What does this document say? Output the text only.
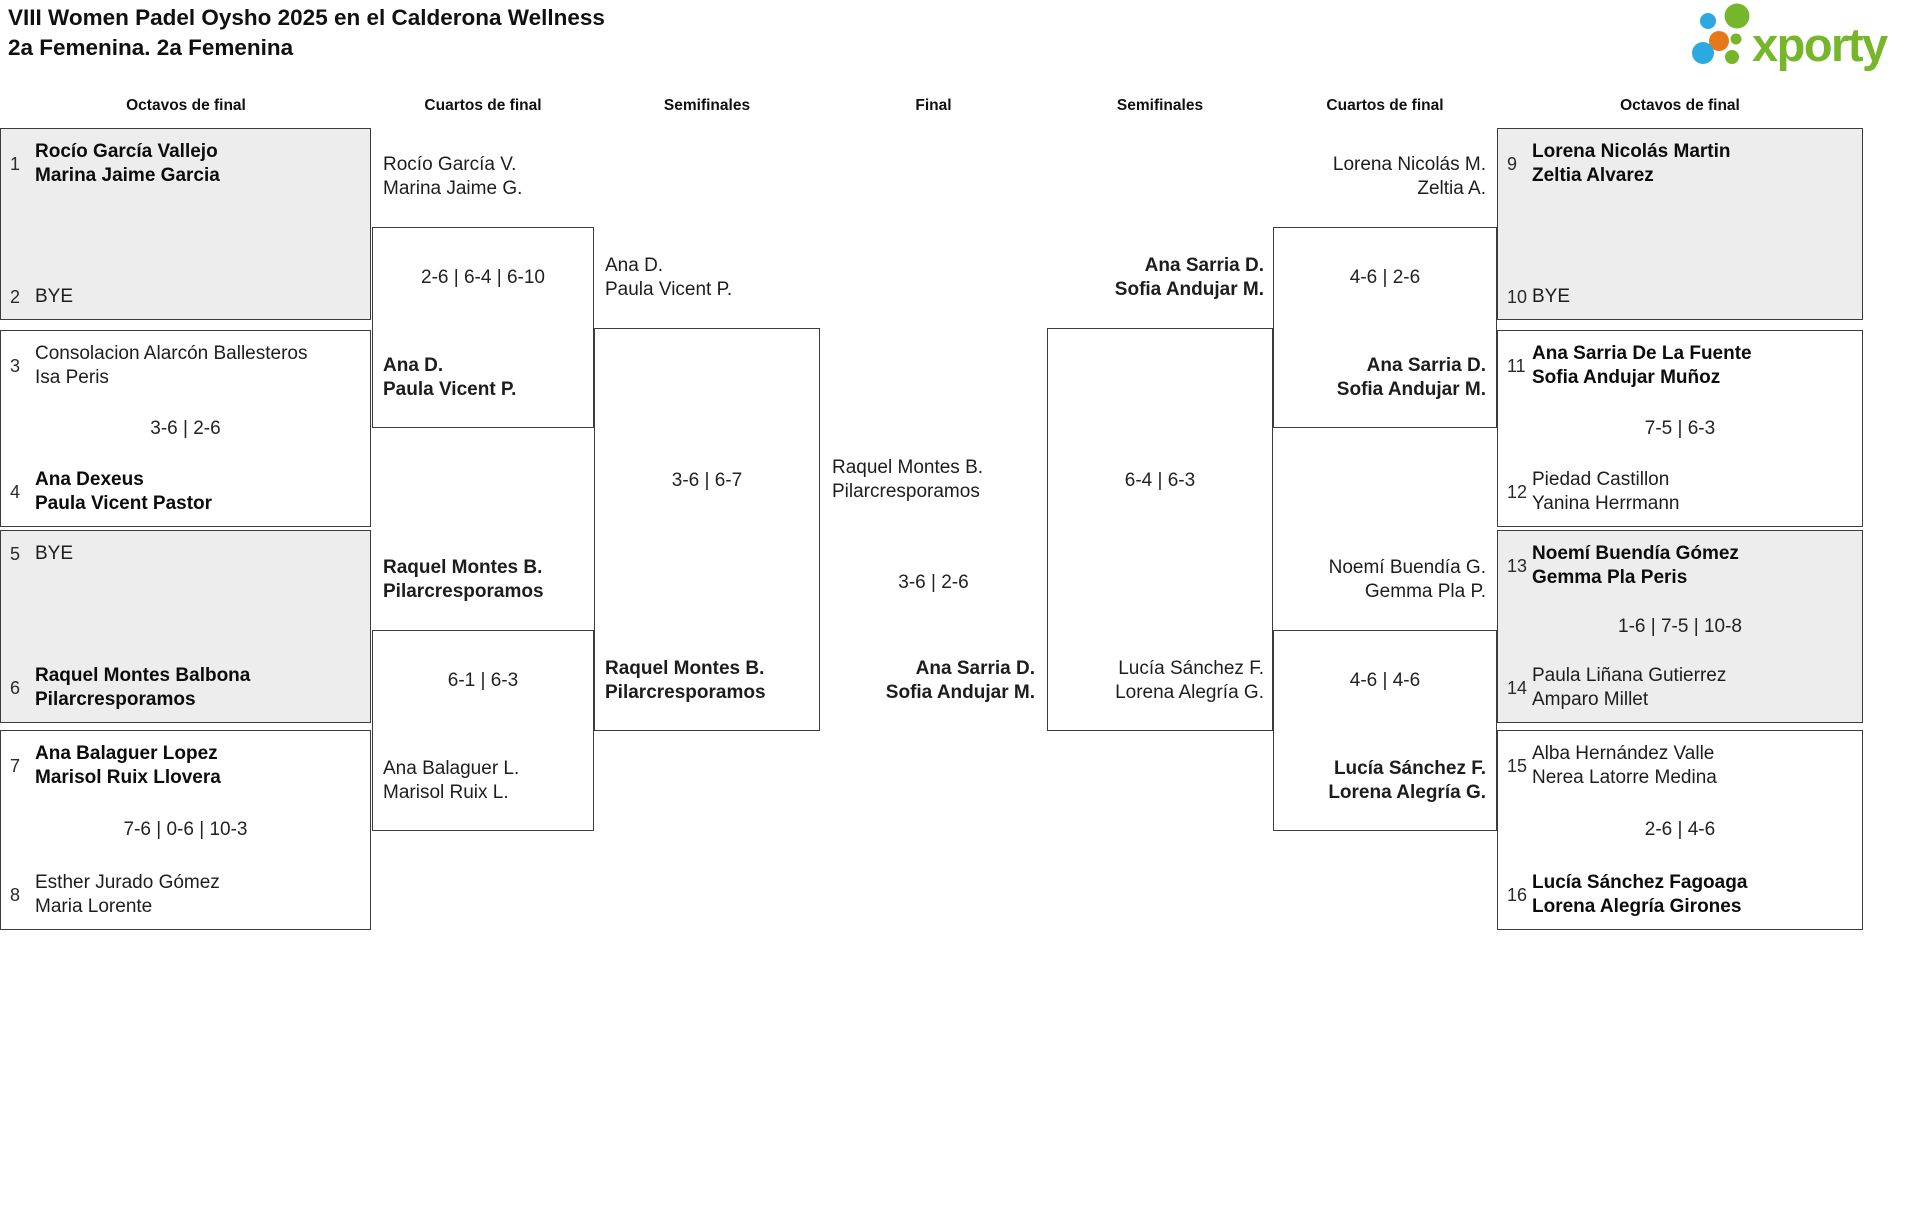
VIII Women Padel Oysho 2025 en el Calderona Wellness
2a Femenina. 2a Femenina	xporty
Octavos de final	Cuartos de final	Semifinales	Final	Semifinales	Cuartos de final	Octavos de final
1
Rocío García Vallejo
Marina Jaime Garcia
2 BYE
3
Consolacion Alarcón Ballesteros
Isa Peris
3-6 | 2-6
4
Ana Dexeus
Paula Vicent Pastor
5 BYE
6
Raquel Montes Balbona
Pilarcresporamos
7
Ana Balaguer Lopez
Marisol Ruix Llovera
7-6 | 0-6 | 10-3
8
Esther Jurado Gómez
Maria Lorente
9
Lorena Nicolás Martin
Zeltia Alvarez
10 BYE
11
Ana Sarria De La Fuente
Sofia Andujar Muñoz
7-5 | 6-3
12
Piedad Castillon
Yanina Herrmann
13
Noemí Buendía Gómez
Gemma Pla Peris
1-6 | 7-5 | 10-8
14
Paula Liñana Gutierrez
Amparo Millet
15
Alba Hernández Valle
Nerea Latorre Medina
2-6 | 4-6
16
Lucía Sánchez Fagoaga
Lorena Alegría Girones
Rocío García V.
Marina Jaime G.
2-6 | 6-4 | 6-10
Ana D.
Paula Vicent P.
Raquel Montes B.
Pilarcresporamos
6-1 | 6-3
Ana Balaguer L.
Marisol Ruix L.
Ana D.
Paula Vicent P.
3-6 | 6-7
Raquel Montes B.
Pilarcresporamos
Raquel Montes B.
Pilarcresporamos
3-6 | 2-6
Ana Sarria D.
Sofia Andujar M.
Ana Sarria D.
Sofia Andujar M.
6-4 | 6-3
Lucía Sánchez F.
Lorena Alegría G.
Lorena Nicolás M.
Zeltia A.
4-6 | 2-6
Ana Sarria D.
Sofia Andujar M.
Noemí Buendía G.
Gemma Pla P.
4-6 | 4-6
Lucía Sánchez F.
Lorena Alegría G.
